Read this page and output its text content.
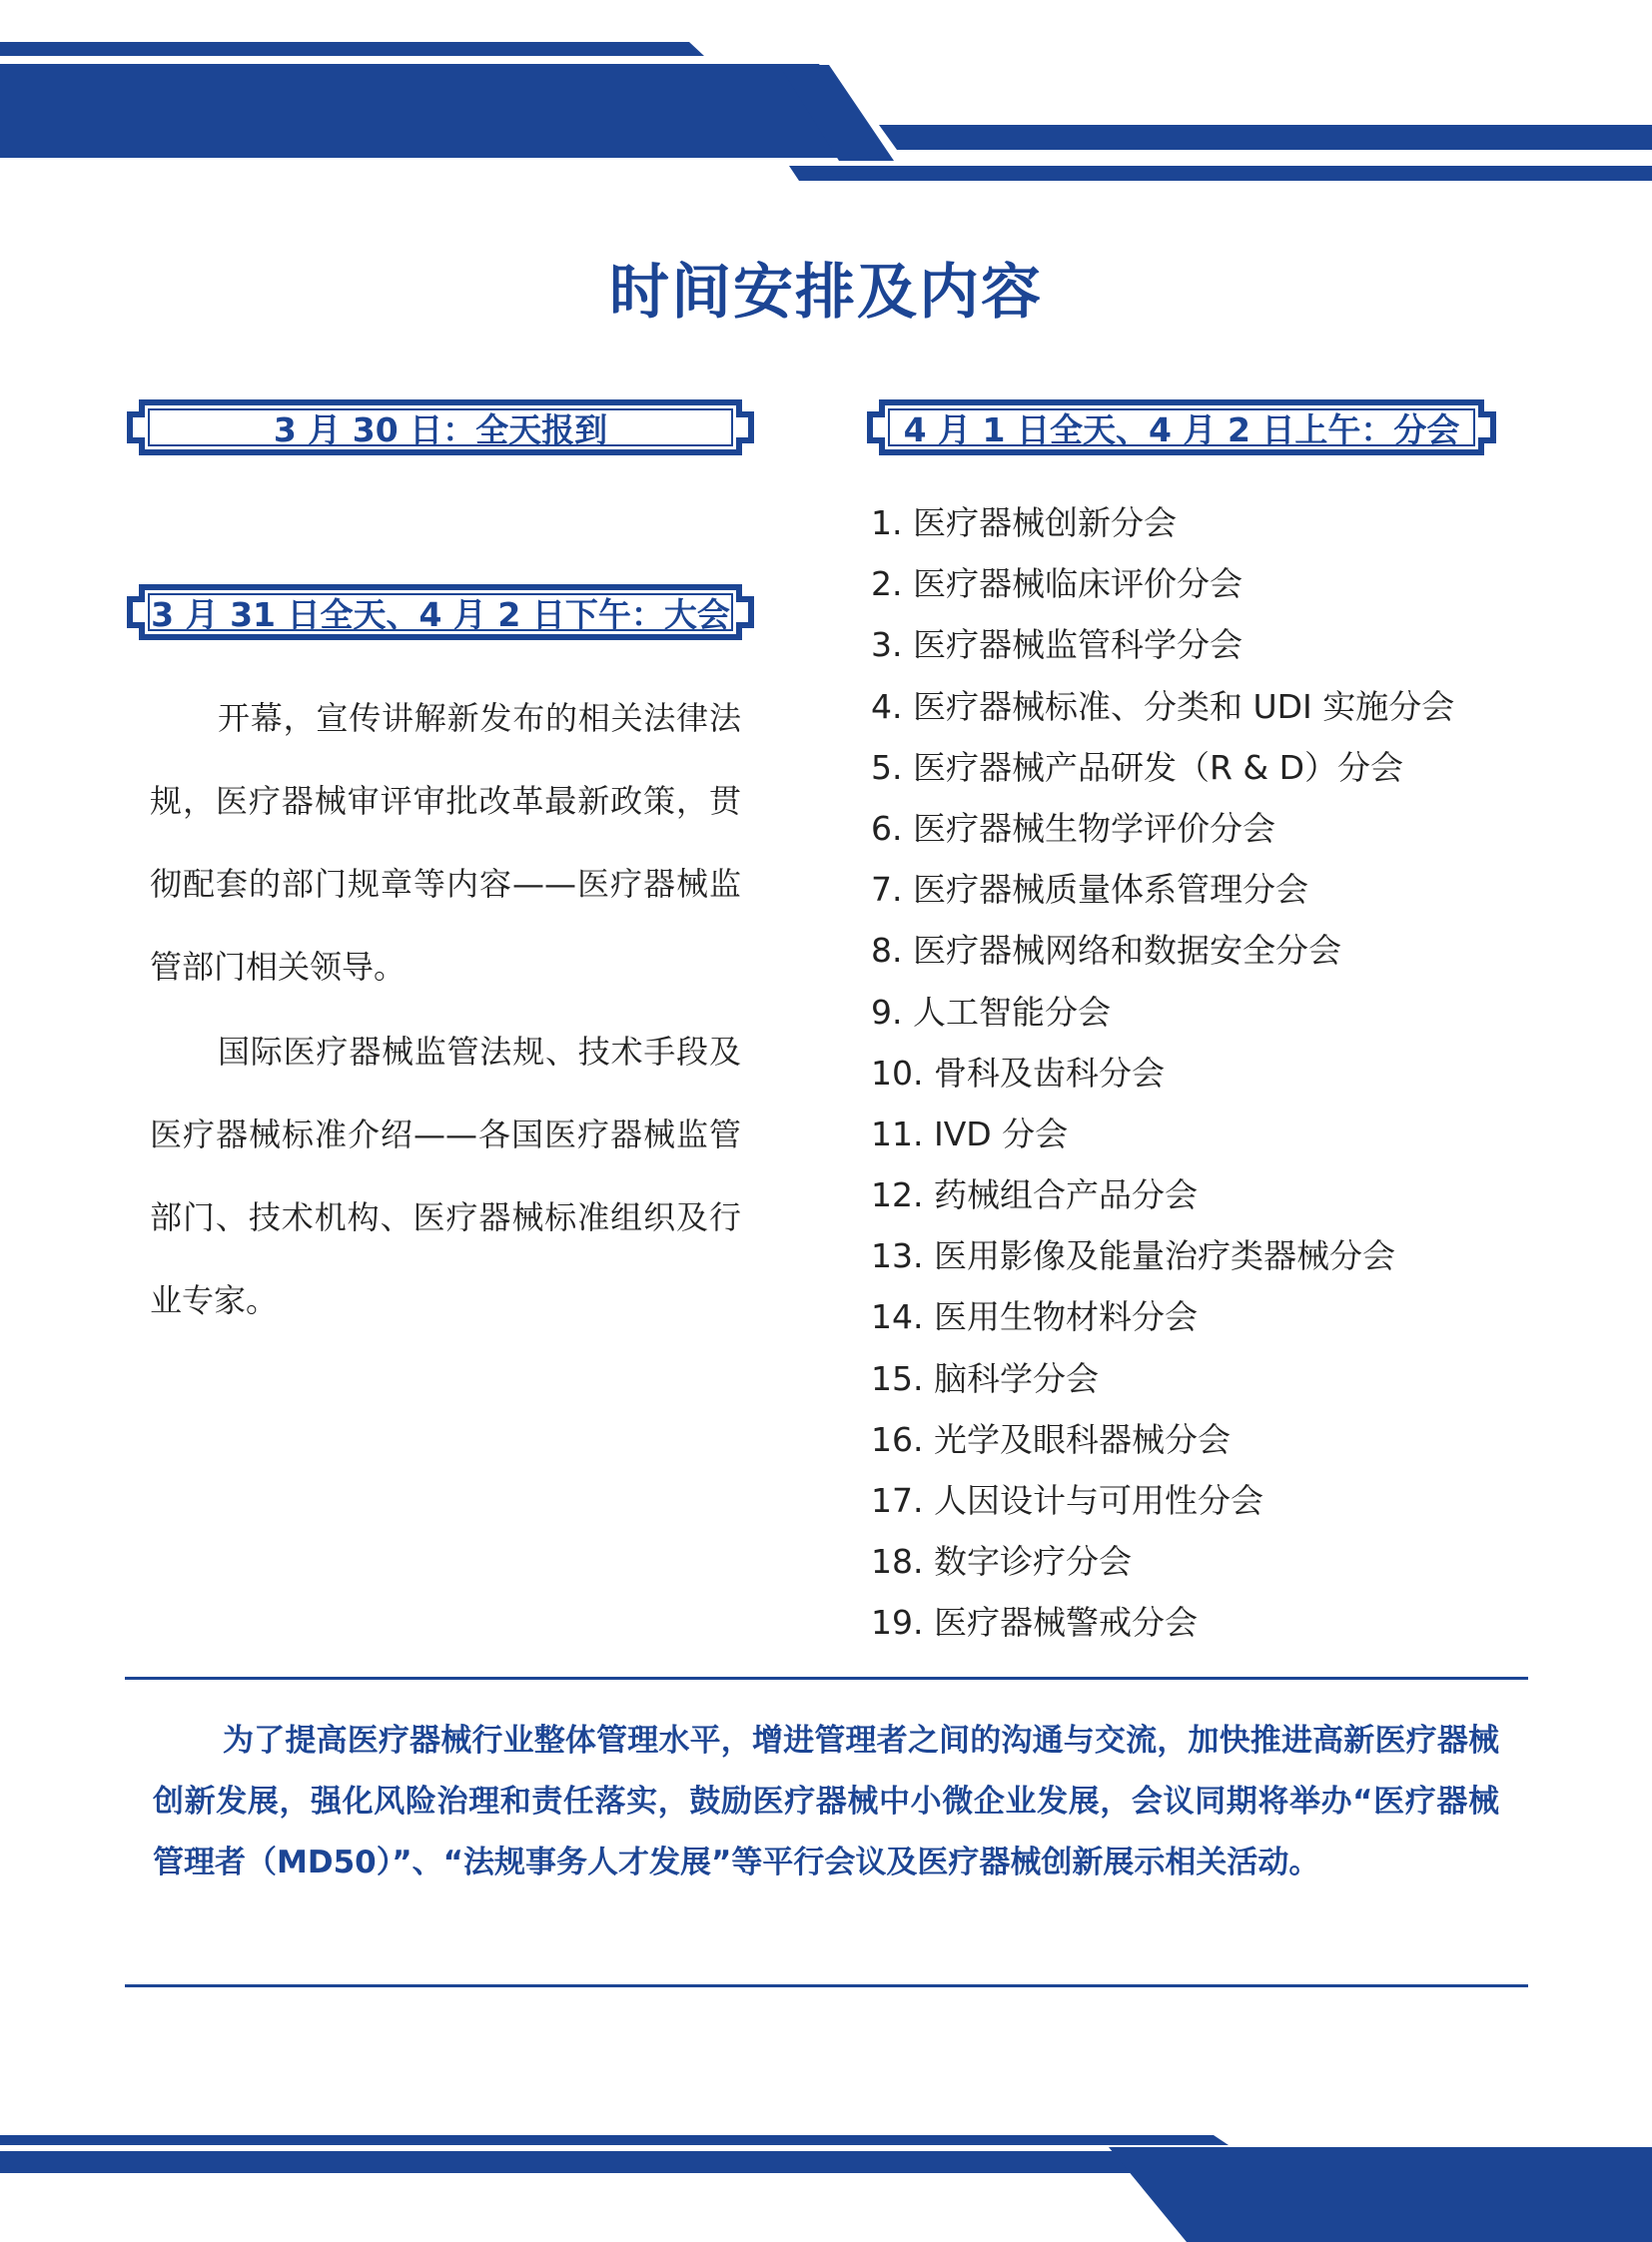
时间安排及内容
3 月 30 日：全天报到
3 月 31 日全天、4 月 2 日下午：大会

开幕，宣传讲解新发布的相关法律法规，医疗器械审评审批改革最新政策，贯彻配套的部门规章等内容——医疗器械监管部门相关领导。

国际医疗器械监管法规、技术手段及医疗器械标准介绍——各国医疗器械监管部门、技术机构、医疗器械标准组织及行业专家。

4 月 1 日全天、4 月 2 日上午：分会
1. 医疗器械创新分会
2. 医疗器械临床评价分会
3. 医疗器械监管科学分会
4. 医疗器械标准、分类和 UDI 实施分会
5. 医疗器械产品研发（R & D）分会
6. 医疗器械生物学评价分会
7. 医疗器械质量体系管理分会
8. 医疗器械网络和数据安全分会
9. 人工智能分会
10. 骨科及齿科分会
11. IVD 分会
12. 药械组合产品分会
13. 医用影像及能量治疗类器械分会
14. 医用生物材料分会
15. 脑科学分会
16. 光学及眼科器械分会
17. 人因设计与可用性分会
18. 数字诊疗分会
19. 医疗器械警戒分会

为了提高医疗器械行业整体管理水平，增进管理者之间的沟通与交流，加快推进高新医疗器械创新发展，强化风险治理和责任落实，鼓励医疗器械中小微企业发展，会议同期将举办“医疗器械管理者（MD50）”、“法规事务人才发展”等平行会议及医疗器械创新展示相关活动。
